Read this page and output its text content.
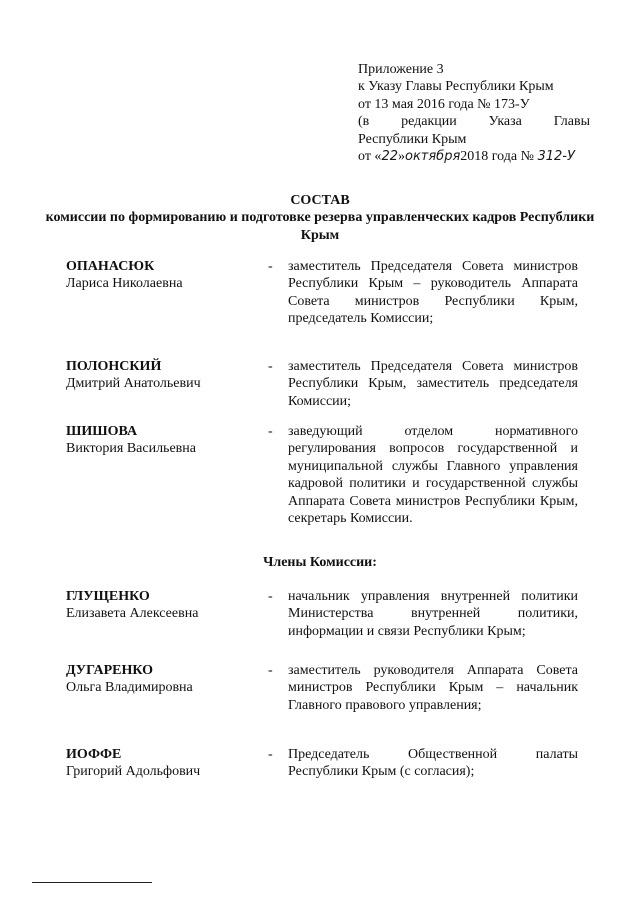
Приложение 3
к Указу Главы Республики Крым
от 13 мая 2016 года № 173-У
(в редакции Указа Главы
Республики Крым
от «22»октября2018 года № 312-У
СОСТАВ
комиссии по формированию и подготовке резерва управленческих кадров Республики Крым
ОПАНАСЮК
Лариса Николаевна
- заместитель Председателя Совета министров Республики Крым – руководитель Аппарата Совета министров Республики Крым, председатель Комиссии;
ПОЛОНСКИЙ
Дмитрий Анатольевич
- заместитель Председателя Совета министров Республики Крым, заместитель председателя Комиссии;
ШИШОВА
Виктория Васильевна
- заведующий отделом нормативного регулирования вопросов государственной и муниципальной службы Главного управления кадровой политики и государственной службы Аппарата Совета министров Республики Крым, секретарь Комиссии.
Члены Комиссии:
ГЛУЩЕНКО
Елизавета Алексеевна
- начальник управления внутренней политики Министерства внутренней политики, информации и связи Республики Крым;
ДУГАРЕНКО
Ольга Владимировна
- заместитель руководителя Аппарата Совета министров Республики Крым – начальник Главного правового управления;
ИОФФЕ
Григорий Адольфович
- Председатель Общественной палаты Республики Крым (с согласия);
